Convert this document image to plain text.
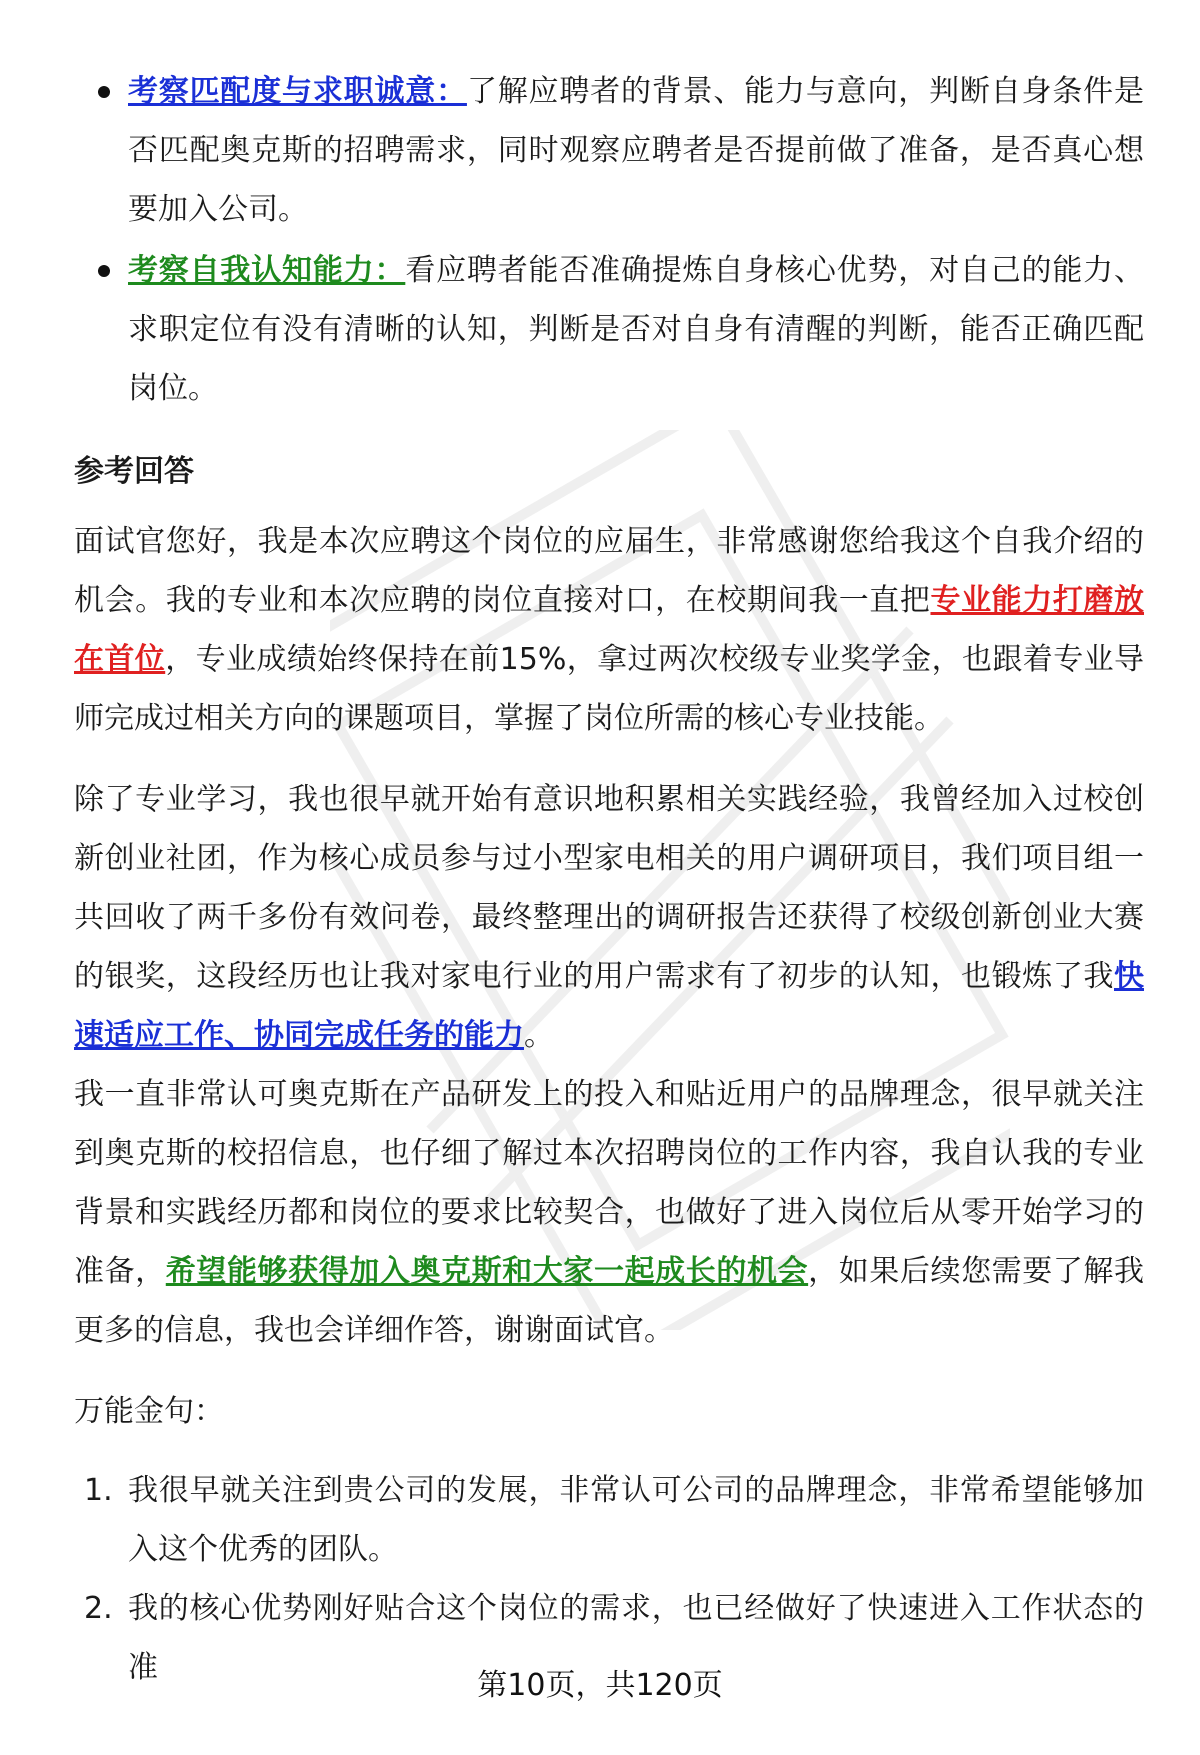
考察匹配度与求职诚意：了解应聘者的背景、能力与意向，判断自身条件是否匹配奥克斯的招聘需求，同时观察应聘者是否提前做了准备，是否真心想要加入公司。
考察自我认知能力：看应聘者能否准确提炼自身核心优势，对自己的能力、求职定位有没有清晰的认知，判断是否对自身有清醒的判断，能否正确匹配岗位。
参考回答

面试官您好，我是本次应聘这个岗位的应届生，非常感谢您给我这个自我介绍的机会。我的专业和本次应聘的岗位直接对口，在校期间我一直把专业能力打磨放在首位，专业成绩始终保持在前15%，拿过两次校级专业奖学金，也跟着专业导师完成过相关方向的课题项目，掌握了岗位所需的核心专业技能。

除了专业学习，我也很早就开始有意识地积累相关实践经验，我曾经加入过校创新创业社团，作为核心成员参与过小型家电相关的用户调研项目，我们项目组一共回收了两千多份有效问卷，最终整理出的调研报告还获得了校级创新创业大赛的银奖，这段经历也让我对家电行业的用户需求有了初步的认知，也锻炼了我快速适应工作、协同完成任务的能力。

我一直非常认可奥克斯在产品研发上的投入和贴近用户的品牌理念，很早就关注到奥克斯的校招信息，也仔细了解过本次招聘岗位的工作内容，我自认我的专业背景和实践经历都和岗位的要求比较契合，也做好了进入岗位后从零开始学习的准备，希望能够获得加入奥克斯和大家一起成长的机会，如果后续您需要了解我更多的信息，我也会详细作答，谢谢面试官。

万能金句：
1. 我很早就关注到贵公司的发展，非常认可公司的品牌理念，非常希望能够加入这个优秀的团队。
2. 我的核心优势刚好贴合这个岗位的需求，也已经做好了快速进入工作状态的准
第10页，共120页
